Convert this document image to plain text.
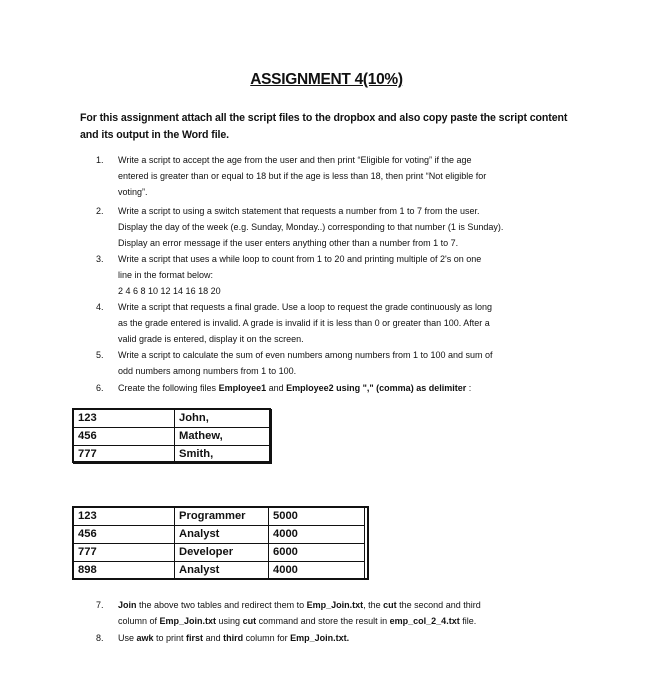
ASSIGNMENT 4(10%)
For this assignment attach all the script files to the dropbox and also copy paste the script content and its output in the Word file.
1.	Write a script to accept the age from the user and then print “Eligible for voting” if the age
entered is greater than or equal to 18 but if the age is less than 18, then print “Not eligible for
voting”.
2.	Write a script to using a switch statement that requests a number from 1 to 7 from the user.
Display the day of the week (e.g. Sunday, Monday..) corresponding to that number (1 is Sunday).
Display an error message if the user enters anything other than a number from 1 to 7.
3.	Write a script that uses a while loop to count from 1 to 20 and printing multiple of 2's on one
line in the format below:
2 4 6 8 10 12 14 16 18 20
4.	Write a script that requests a final grade. Use a loop to request the grade continuously as long
as the grade entered is invalid. A grade is invalid if it is less than 0 or greater than 100. After a
valid grade is entered, display it on the screen.
5.	Write a script to calculate the sum of even numbers among numbers from 1 to 100 and sum of
odd numbers among numbers from 1 to 100.
6.	Create the following files Employee1 and Employee2 using "," (comma) as delimiter :
123	John,
456	Mathew,
777	Smith,
123	Programmer	5000
456	Analyst	4000
777	Developer	6000
898	Analyst	4000
7.	Join the above two tables and redirect them to Emp_Join.txt, the cut the second and third
column of Emp_Join.txt using cut command and store the result in emp_col_2_4.txt file.
8.	Use awk to print first and third column for Emp_Join.txt.
